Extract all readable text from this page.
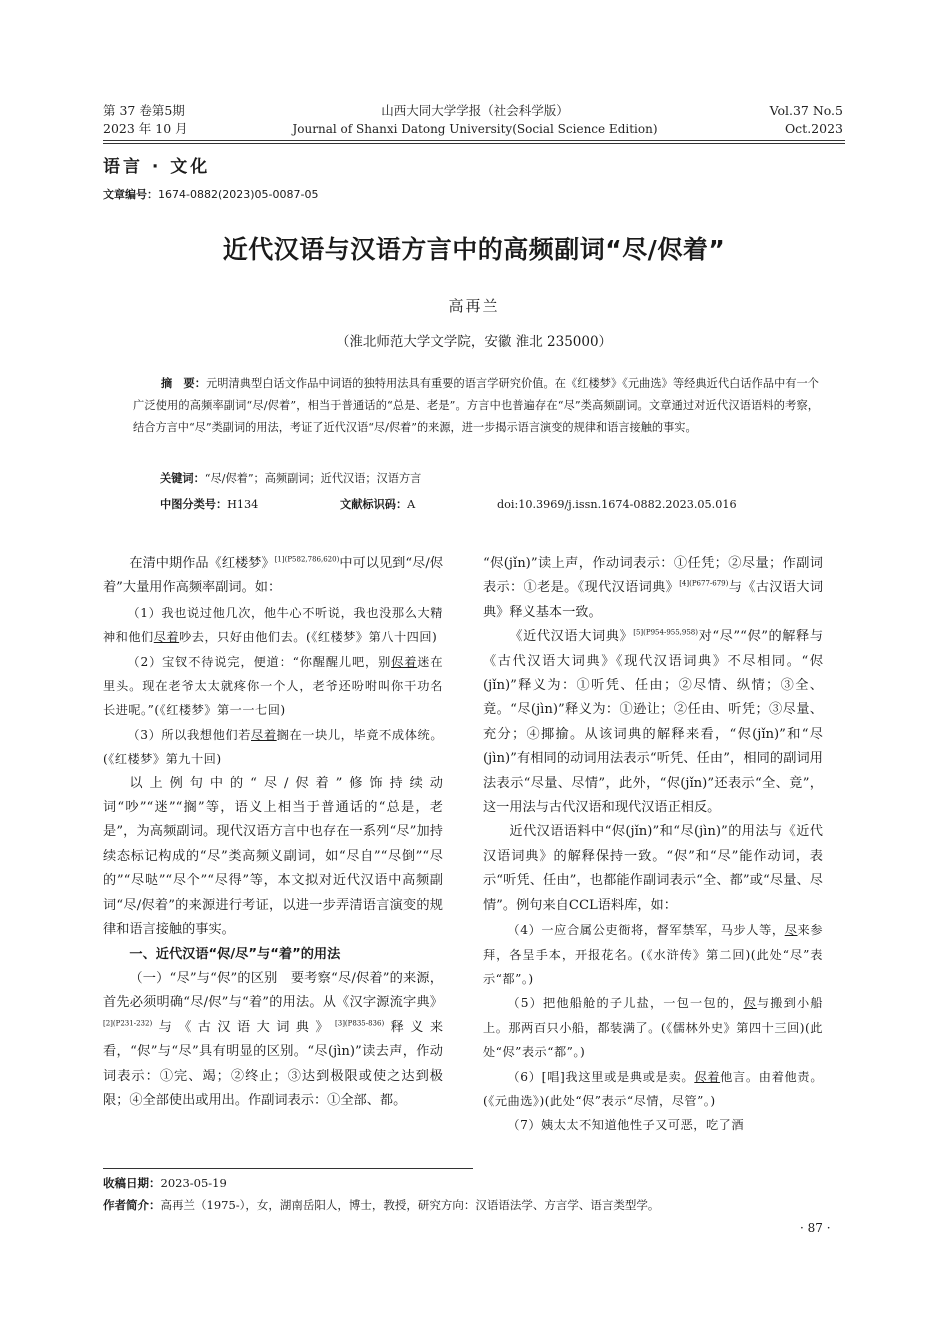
第 37 卷第5期
2023 年 10 月
山西大同大学学报（社会科学版）
Journal of Shanxi Datong University(Social Science Edition)
Vol.37 No.5
Oct.2023
语言 · 文化
文章编号：1674-0882(2023)05-0087-05
近代汉语与汉语方言中的高频副词“尽/侭着”
高再兰
（淮北师范大学文学院，安徽 淮北 235000）
摘　要：元明清典型白话文作品中词语的独特用法具有重要的语言学研究价值。在《红楼梦》《元曲选》等经典近代白话作品中有一个广泛使用的高频率副词“尽/侭着”，相当于普通话的“总是、老是”。方言中也普遍存在“尽”类高频副词。文章通过对近代汉语语料的考察，结合方言中“尽”类副词的用法，考证了近代汉语“尽/侭着”的来源，进一步揭示语言演变的规律和语言接触的事实。
关键词：“尽/侭着”；高频副词；近代汉语；汉语方言
中图分类号：H134	文献标识码：A	doi:10.3969/j.issn.1674-0882.2023.05.016

在清中期作品《红楼梦》$^{[1](P582,786,620)}$中可以见到“尽/侭着”大量用作高频率副词。如：

（1）我也说过他几次，他牛心不听说，我也没那么大精神和他们尽着吵去，只好由他们去。(《红楼梦》第八十四回)

（2）宝钗不待说完，便道：“你醒醒儿吧，别侭着迷在里头。现在老爷太太就疼你一个人，老爷还吩咐叫你干功名长进呢。”(《红楼梦》第一一七回)

（3）所以我想他们若尽着搁在一块儿，毕竟不成体统。(《红楼梦》第九十回)

以上例句中的“尽/侭着”修饰持续动词“吵”“迷”“搁”等，语义上相当于普通话的“总是，老是”，为高频副词。现代汉语方言中也存在一系列“尽”加持续态标记构成的“尽”类高频义副词，如“尽自”“尽倒”“尽的”“尽哒”“尽个”“尽得”等，本文拟对近代汉语中高频副词“尽/侭着”的来源进行考证，以进一步弄清语言演变的规律和语言接触的事实。

一、近代汉语“侭/尽”与“着”的用法

（一）“尽”与“侭”的区别　要考察“尽/侭着”的来源，首先必须明确“尽/侭”与“着”的用法。从《汉字源流字典》$^{[2](P231-232)}$与《古汉语大词典》$^{[3](P835-836)}$释义来看，“侭”与“尽”具有明显的区别。“尽(jìn)”读去声，作动词表示：①完、竭；②终止；③达到极限或使之达到极限；④全部使出或用出。作副词表示：①全部、都。

“侭(jǐn)”读上声，作动词表示：①任凭；②尽量；作副词表示：①老是。《现代汉语词典》$^{[4](P677-679)}$与《古汉语大词典》释义基本一致。

《近代汉语大词典》$^{[5](P954-955,958)}$对“尽”“侭”的解释与《古代汉语大词典》《现代汉语词典》不尽相同。“侭(jǐn)”释义为：①听凭、任由；②尽情、纵情；③全、竟。“尽(jìn)”释义为：①逊让；②任由、听凭；③尽量、充分；④揶揄。从该词典的解释来看，“侭(jǐn)”和“尽(jìn)”有相同的动词用法表示“听凭、任由”，相同的副词用法表示“尽量、尽情”，此外，“侭(jǐn)”还表示“全、竟”，这一用法与古代汉语和现代汉语正相反。

近代汉语语料中“侭(jǐn)”和“尽(jìn)”的用法与《近代汉语词典》的解释保持一致。“侭”和“尽”能作动词，表示“听凭、任由”，也都能作副词表示“全、都”或“尽量、尽情”。例句来自CCL语料库，如：

（4）一应合属公吏衙将，督军禁军，马步人等，尽来参拜，各呈手本，开报花名。(《水浒传》第二回)(此处“尽”表示“都”。)

（5）把他船舱的子儿盐，一包一包的，侭与搬到小船上。那两百只小船，都装满了。(《儒林外史》第四十三回)(此处“侭”表示“都”。)

（6）[唱]我这里或是典或是卖。侭着他言。由着他责。(《元曲选》)(此处“侭”表示“尽情，尽管”。)

（7）姨太太不知道他性子又可恶，吃了酒

收稿日期：2023-05-19
作者简介：高再兰（1975-），女，湖南岳阳人，博士，教授，研究方向：汉语语法学、方言学、语言类型学。
· 87 ·
